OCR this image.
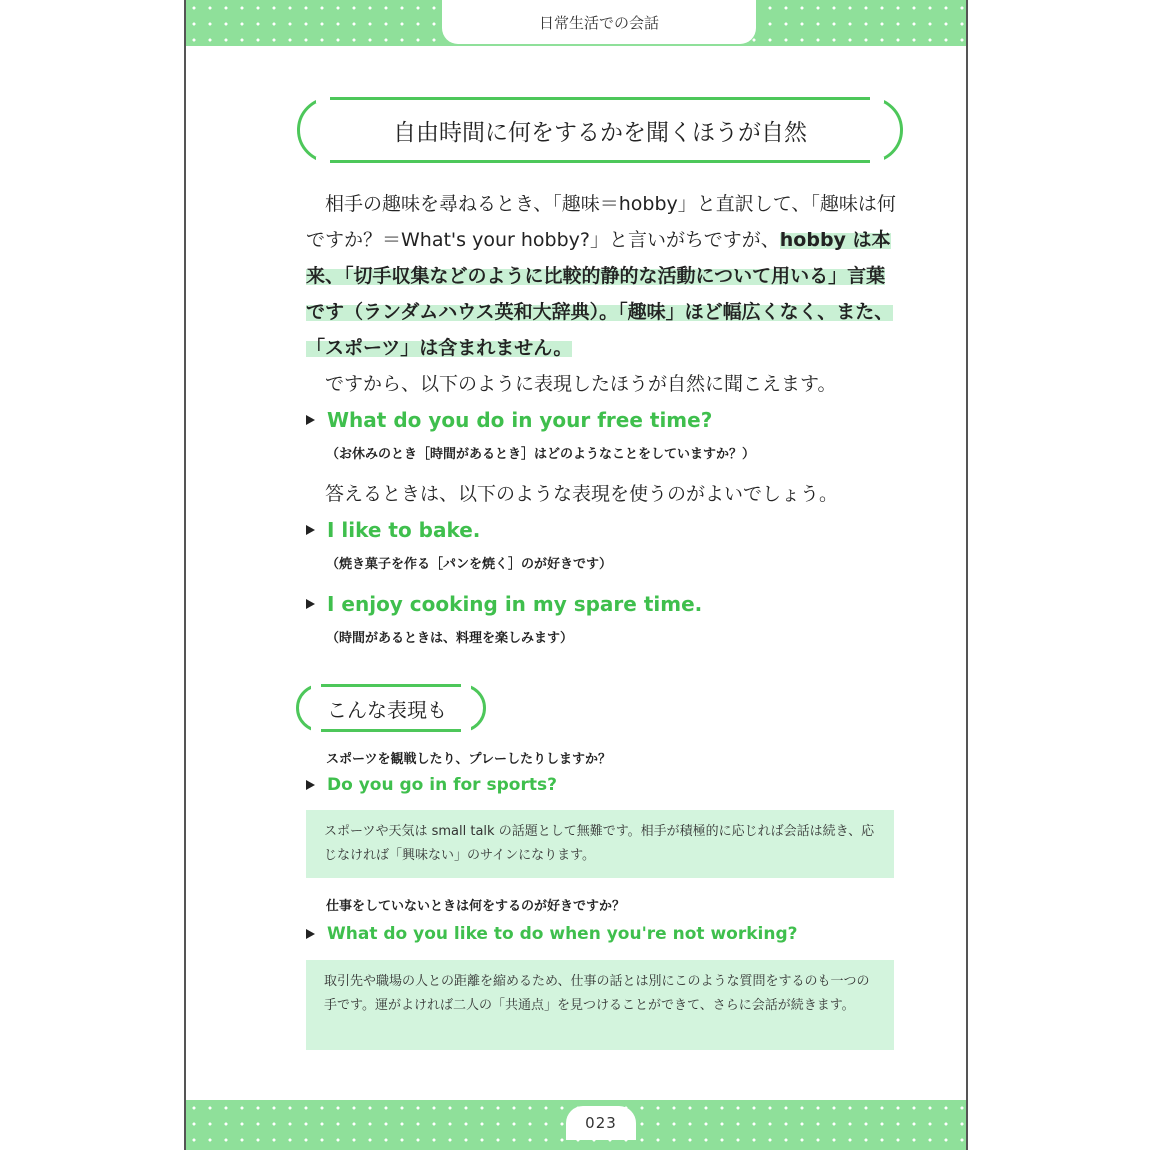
日常生活での会話
自由時間に何をするかを聞くほうが自然

相手の趣味を尋ねるとき、「趣味＝hobby」と直訳して、「趣味は何ですか？＝What's your hobby?」と言いがちですが、hobby は本来、「切手収集などのように比較的静的な活動について用いる」言葉です（ランダムハウス英和大辞典）。「趣味」ほど幅広くなく、また、「スポーツ」は含まれません。

ですから、以下のように表現したほうが自然に聞こえます。

What do you do in your free time?
（お休みのとき［時間があるとき］はどのようなことをしていますか？）

答えるときは、以下のような表現を使うのがよいでしょう。

I like to bake.
（焼き菓子を作る［パンを焼く］のが好きです）
I enjoy cooking in my spare time.
（時間があるときは、料理を楽しみます）
こんな表現も
スポーツを観戦したり、プレーしたりしますか？
Do you go in for sports?
スポーツや天気は small talk の話題として無難です。相手が積極的に応じれば会話は続き、応じなければ「興味ない」のサインになります。
仕事をしていないときは何をするのが好きですか？
What do you like to do when you're not working?
取引先や職場の人との距離を縮めるため、仕事の話とは別にこのような質問をするのも一つの手です。運がよければ二人の「共通点」を見つけることができて、さらに会話が続きます。
023
